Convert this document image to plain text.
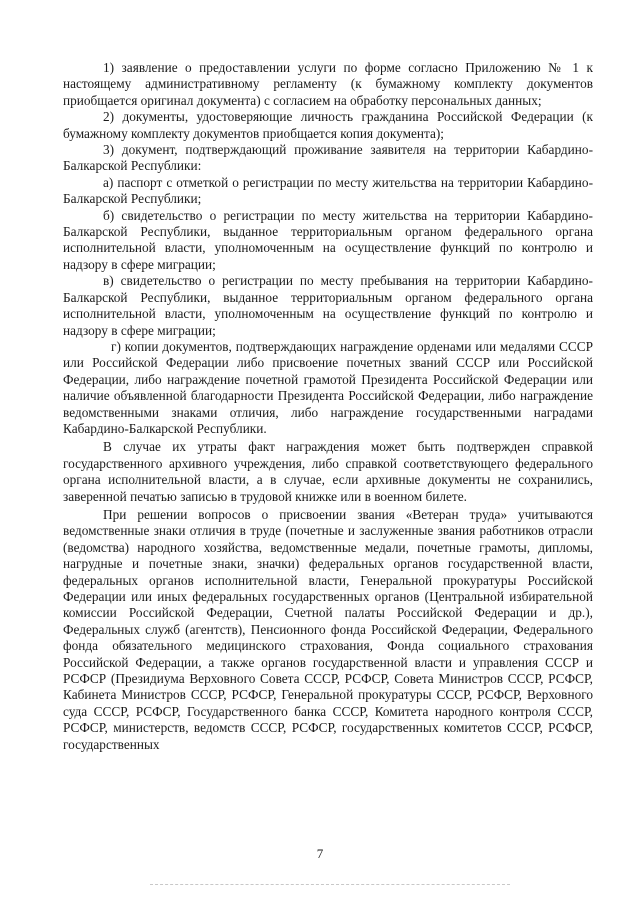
1) заявление о предоставлении услуги по форме согласно Приложению № 1 к настоящему административному регламенту (к бумажному комплекту документов приобщается оригинал документа) с согласием на обработку персональных данных;

2) документы, удостоверяющие личность гражданина Российской Федерации (к бумажному комплекту документов приобщается копия документа);

3) документ, подтверждающий проживание заявителя на территории Кабардино-Балкарской Республики:

а) паспорт с отметкой о регистрации по месту жительства на территории Кабардино-Балкарской Республики;

б) свидетельство о регистрации по месту жительства на территории Кабардино-Балкарской Республики, выданное территориальным органом федерального органа исполнительной власти, уполномоченным на осуществление функций по контролю и надзору в сфере миграции;

в) свидетельство о регистрации по месту пребывания на территории Кабардино-Балкарской Республики, выданное территориальным органом федерального органа исполнительной власти, уполномоченным на осуществление функций по контролю и надзору в сфере миграции;

г) копии документов, подтверждающих награждение орденами или медалями СССР или Российской Федерации либо присвоение почетных званий СССР или Российской Федерации, либо награждение почетной грамотой Президента Российской Федерации или наличие объявленной благодарности Президента Российской Федерации, либо награждение ведомственными знаками отличия, либо награждение государственными наградами Кабардино-Балкарской Республики.

В случае их утраты факт награждения может быть подтвержден справкой государственного архивного учреждения, либо справкой соответствующего федерального органа исполнительной власти, а в случае, если архивные документы не сохранились, заверенной печатью записью в трудовой книжке или в военном билете.

При решении вопросов о присвоении звания «Ветеран труда» учитываются ведомственные знаки отличия в труде (почетные и заслуженные звания работников отрасли (ведомства) народного хозяйства, ведомственные медали, почетные грамоты, дипломы, нагрудные и почетные знаки, значки) федеральных органов государственной власти, федеральных органов исполнительной власти, Генеральной прокуратуры Российской Федерации или иных федеральных государственных органов (Центральной избирательной комиссии Российской Федерации, Счетной палаты Российской Федерации и др.), Федеральных служб (агентств), Пенсионного фонда Российской Федерации, Федерального фонда обязательного медицинского страхования, Фонда социального страхования Российской Федерации, а также органов государственной власти и управления СССР и РСФСР (Президиума Верховного Совета СССР, РСФСР, Совета Министров СССР, РСФСР, Кабинета Министров СССР, РСФСР, Генеральной прокуратуры СССР, РСФСР, Верховного суда СССР, РСФСР, Государственного банка СССР, Комитета народного контроля СССР, РСФСР, министерств, ведомств СССР, РСФСР, государственных комитетов СССР, РСФСР, государственных

7
